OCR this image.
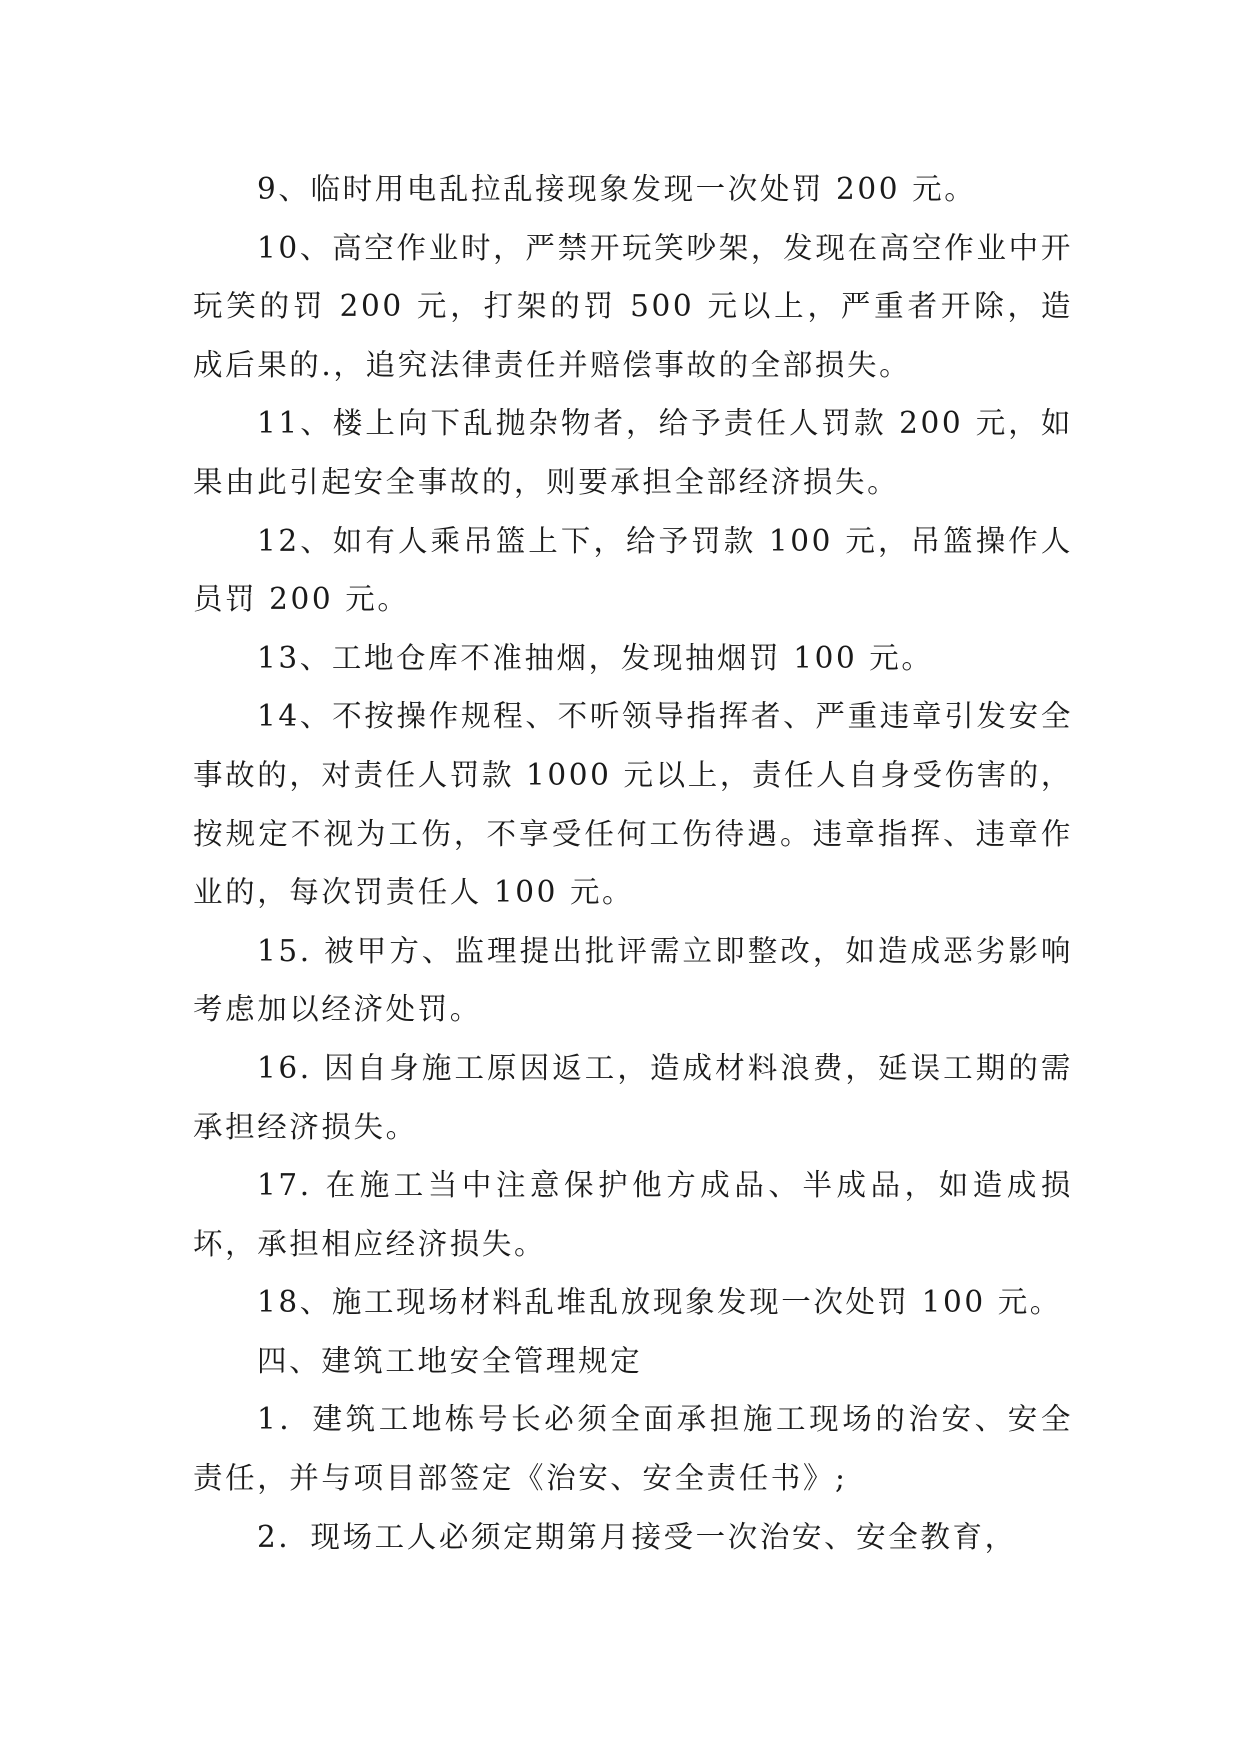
9、临时用电乱拉乱接现象发现一次处罚 200 元。

10、高空作业时，严禁开玩笑吵架，发现在高空作业中开玩笑的罚 200 元，打架的罚 500 元以上，严重者开除，造成后果的.，追究法律责任并赔偿事故的全部损失。

11、楼上向下乱抛杂物者，给予责任人罚款 200 元，如果由此引起安全事故的，则要承担全部经济损失。

12、如有人乘吊篮上下，给予罚款 100 元，吊篮操作人员罚 200 元。

13、工地仓库不准抽烟，发现抽烟罚 100 元。

14、不按操作规程、不听领导指挥者、严重违章引发安全事故的，对责任人罚款 1000 元以上，责任人自身受伤害的，按规定不视为工伤，不享受任何工伤待遇。违章指挥、违章作业的，每次罚责任人 100 元。

15. 被甲方、监理提出批评需立即整改，如造成恶劣影响考虑加以经济处罚。

16. 因自身施工原因返工，造成材料浪费，延误工期的需承担经济损失。

17. 在施工当中注意保护他方成品、半成品，如造成损坏，承担相应经济损失。

18、施工现场材料乱堆乱放现象发现一次处罚 100 元。

四、建筑工地安全管理规定

1．建筑工地栋号长必须全面承担施工现场的治安、安全责任，并与项目部签定《治安、安全责任书》;

2．现场工人必须定期第月接受一次治安、安全教育，
